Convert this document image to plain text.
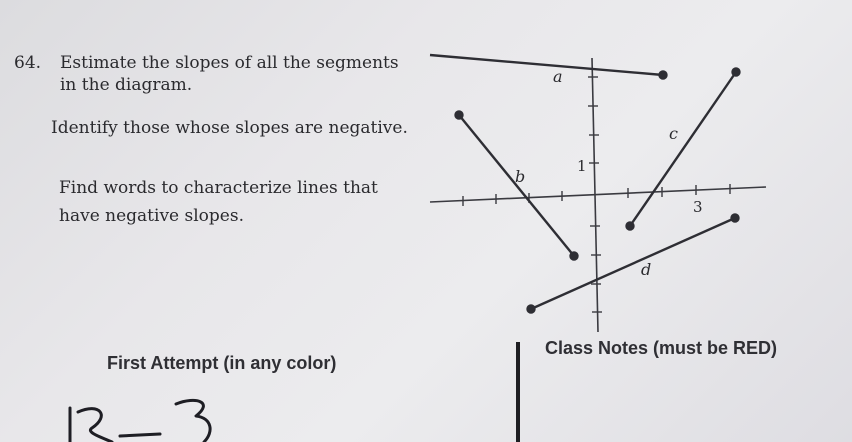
64. Estimate the slopes of all the segments in the diagram.
Identify those whose slopes are negative.
Find words to characterize lines that have negative slopes.
a
b
c
d
1
3
First Attempt (in any color)
Class Notes (must be RED)
